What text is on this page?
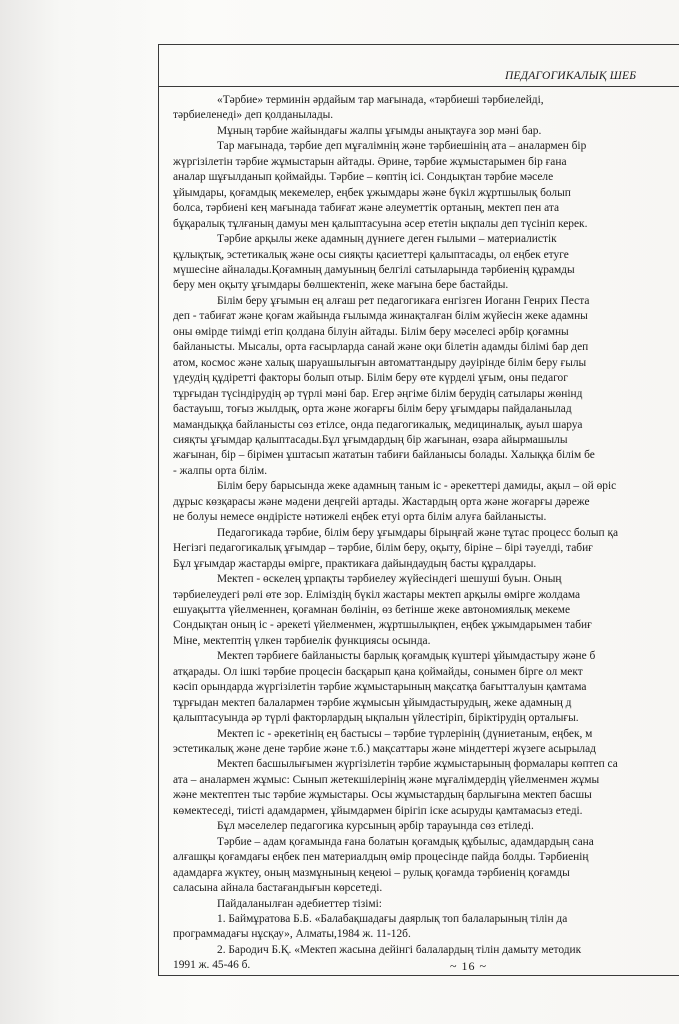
ПЕДАГОГИКАЛЫҚ ШЕБ

«Тәрбие» терминін әрдайым тар мағынада, «тәрбиеші тәрбиелейді,

тәрбиеленеді» деп қолданылады.

Мұның тәрбие жайындағы жалпы ұғымды анықтауға зор мәні бар.

Тар мағынада, тәрбие деп мұғалімнің және тәрбиешінің ата – аналармен бір

жүргізілетін тәрбие жұмыстарын айтады. Әрине, тәрбие жұмыстарымен бір ғана

аналар шұғылданып қоймайды. Тәрбие – көптің ісі. Сондықтан тәрбие мәселе

ұйымдары, қоғамдық мекемелер, еңбек ұжымдары және бүкіл жұртшылық болып

болса, тәрбиені кең мағынада табиғат және әлеуметтік ортаның, мектеп пен ата

бұқаралық тұлғаның дамуы мен қалыптасуына әсер ететін ықпалы деп түсініп керек.

Тәрбие арқылы жеке адамның дүниеге деген ғылыми – материалистік

құлықтық, эстетикалық және осы сияқты қасиеттері қалыптасады, ол еңбек етуге

мүшесіне айналады.Қоғамның дамуының белгілі сатыларында тәрбиенің құрамды

беру мен оқыту ұғымдары бөлшектеніп, жеке мағына бере бастайды.

Білім беру ұғымын ең алғаш рет педагогикаға енгізген Иоганн Генрих Песта

деп - табиғат және қоғам жайында ғылымда жинақталған білім жүйесін жеке адамны

оны өмірде тиімді етіп қолдана білуін айтады. Білім беру мәселесі әрбір қоғамны

байланысты. Мысалы, орта ғасырларда санай және оқи білетін адамды білімі бар деп

атом, космос және халық шаруашылығын автоматтандыру дәуірінде білім беру ғылы

үдеудің құдіретті факторы болып отыр. Білім беру өте күрделі ұғым, оны педагог

тұрғыдан түсіндірудің әр түрлі мәні бар. Егер әңгіме білім берудің сатылары жөнінд

бастауыш, тоғыз жылдық, орта және жоғарғы білім беру ұғымдары пайдаланылад

мамандыққа байланысты сөз етілсе, онда педагогикалық, медициналық, ауыл шаруа

сияқты ұғымдар қалыптасады.Бұл ұғымдардың бір жағынан, өзара айырмашылы

жағынан, бір – бірімен ұштасып жататын табиғи байланысы болады. Халыққа білім бе

- жалпы орта білім.

Білім беру барысында жеке адамның таным іс - әрекеттері дамиды, ақыл – ой өріс

дұрыс көзқарасы және мәдени деңгейі артады. Жастардың орта және жоғарғы дәреже

не болуы немесе өндірісте нәтижелі еңбек етуі орта білім алуға байланысты.

Педагогикада тәрбие, білім беру ұғымдары бірыңғай және тұтас процесс болып қа

Негізгі педагогикалық ұғымдар – тәрбие, білім беру, оқыту, біріне – бірі тәуелді, табиғ

Бұл ұғымдар жастарды өмірге, практикаға дайындаудың басты құралдары.

Мектеп - өскелең ұрпақты тәрбиелеу жүйесіндегі шешуші буын. Оның

тәрбиелеудегі рөлі өте зор. Еліміздің бүкіл жастары мектеп арқылы өмірге жолдама

ешуақытта үйелменнен, қоғамнан бөлінін, өз бетінше жеке автономиялық мекеме

Сондықтан оның іс - әрекеті үйелменмен, жұртшылықпен, еңбек ұжымдарымен табиғ

Міне, мектептің үлкен тәрбиелік функциясы осында.

Мектеп тәрбиеге байланысты барлық қоғамдық күштері ұйымдастыру және б

атқарады. Ол ішкі тәрбие процесін басқарып қана қоймайды, сонымен бірге ол мект

кәсіп орындарда жүргізілетін тәрбие жұмыстарының мақсатқа бағытталуын қамтама

тұрғыдан мектеп балалармен тәрбие жұмысын ұйымдастырудың, жеке адамның д

қалыптасуында әр түрлі факторлардың ықпалын үйлестіріп, біріктірудің орталығы.

Мектеп іс - әрекетінің ең бастысы – тәрбие түрлерінің (дүниетаным, еңбек, м

эстетикалық және дене тәрбие және т.б.) мақсаттары және міндеттері жүзеге асырылад

Мектеп басшылығымен жүргізілетін тәрбие жұмыстарының формалары көптеп са

ата – аналармен жұмыс: Сынып жетекшілерінің және мұғалімдердің үйелменмен жұмы

және мектептен тыс тәрбие жұмыстары. Осы жұмыстардың барлығына мектеп басшы

көмектеседі, тиісті адамдармен, ұйымдармен бірігіп іске асыруды қамтамасыз етеді.

Бұл мәселелер педагогика курсының әрбір тарауында сөз етіледі.

Тәрбие – адам қоғамында ғана болатын қоғамдық құбылыс, адамдардың сана

алғашқы қоғамдағы еңбек пен материалдың өмір процесінде пайда болды. Тәрбиенің

адамдарға жүктеу, оның мазмұнының кеңеюі – рулық қоғамда тәрбиенің қоғамды

саласына айнала бастағандығын көрсетеді.

Пайдаланылған әдебиеттер тізімі:

1. Баймұратова Б.Б. «Балабақшадағы даярлық топ балаларының тілін да

программадағы нұсқау», Алматы,1984 ж. 11-12б.

2. Бародич Б.Қ. «Мектеп жасына дейінгі балалардың тілін дамыту методик

1991 ж. 45-46 б.	~ 16 ~
